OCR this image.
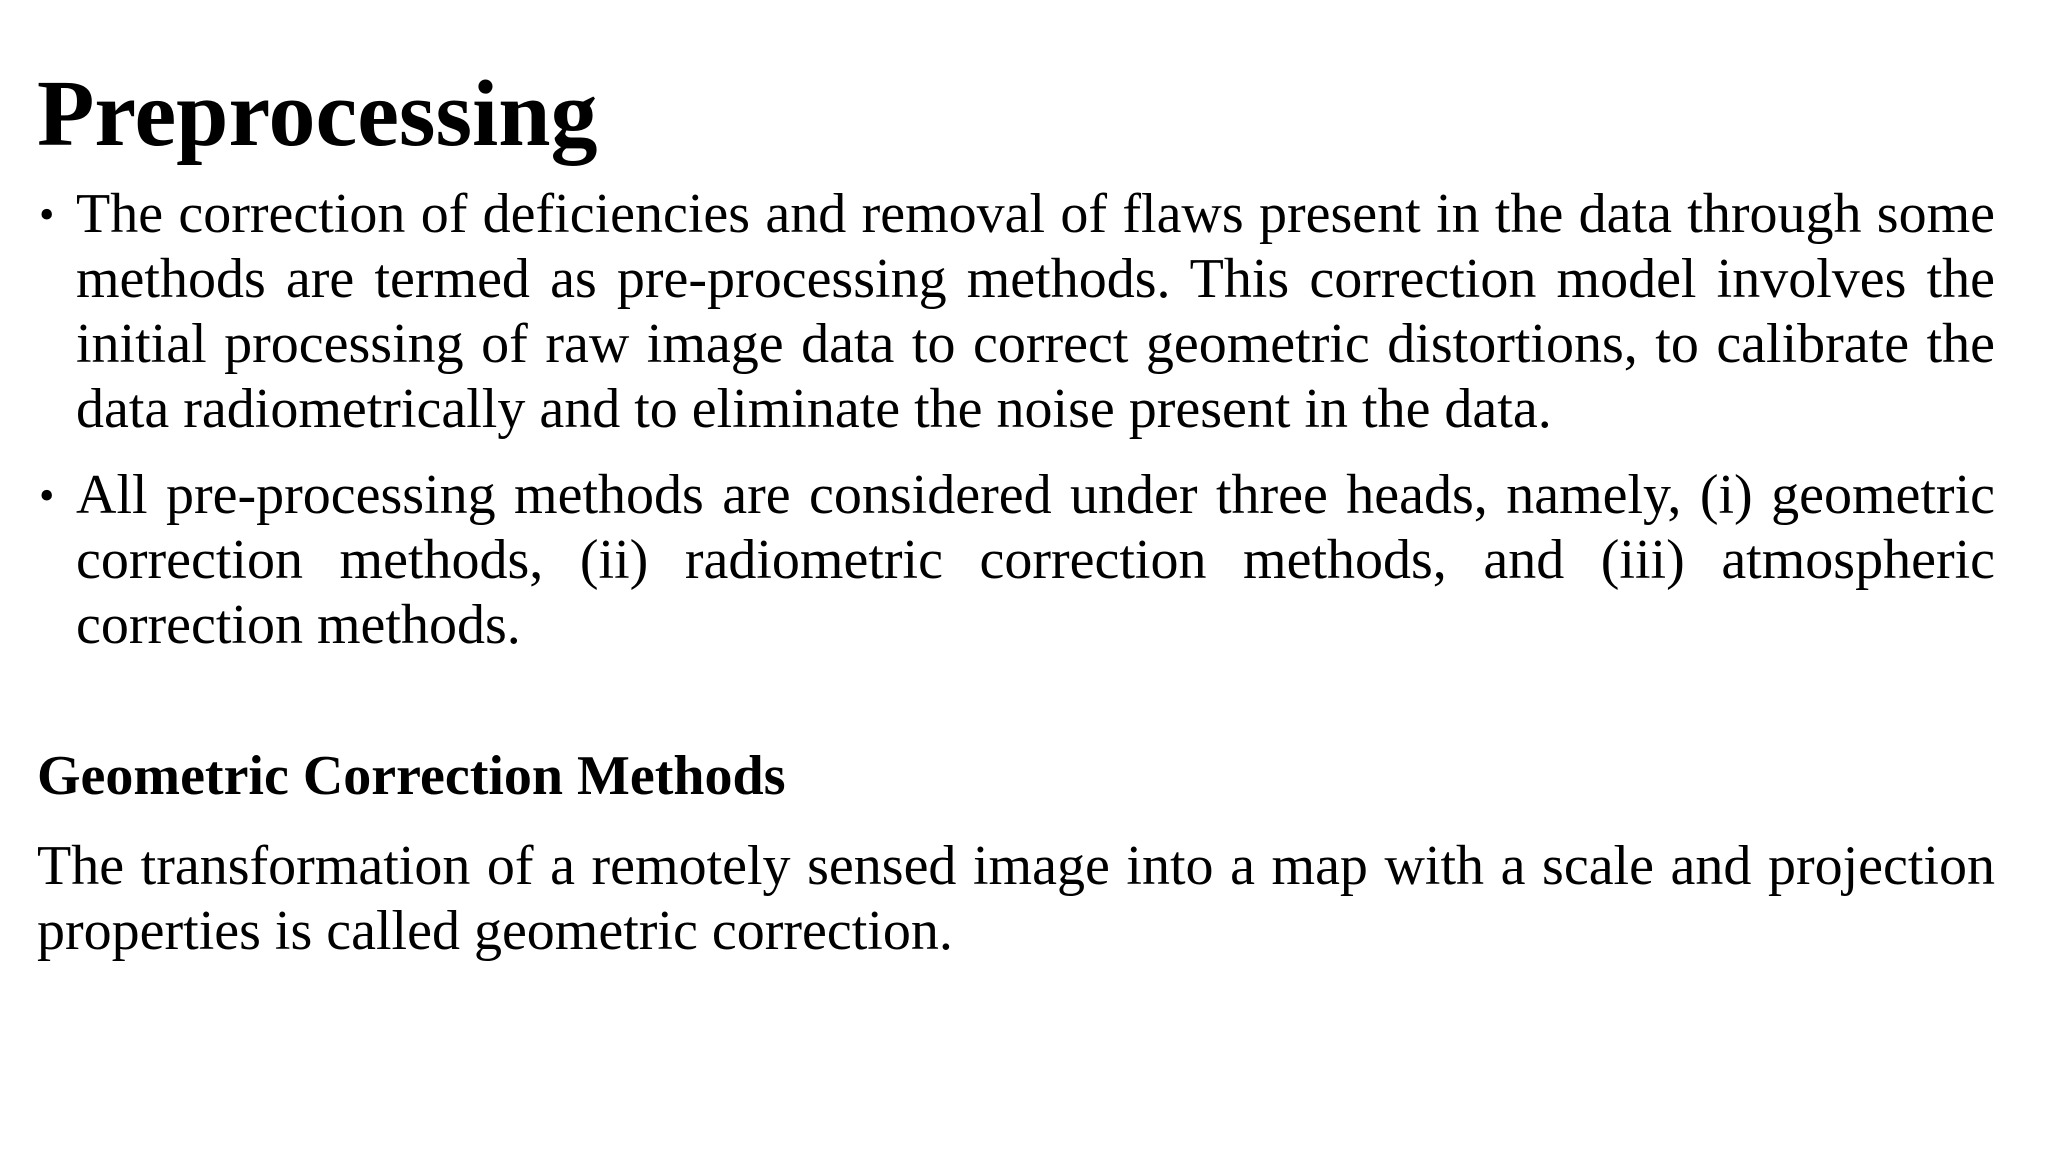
Preprocessing
• The correction of deficiencies and removal of flaws present in the data through some methods are termed as pre-processing methods. This correction model involves the initial processing of raw image data to correct geometric distortions, to calibrate the data radiometrically and to eliminate the noise present in the data.
• All pre-processing methods are considered under three heads, namely, (i) geometric correction methods, (ii) radiometric correction methods, and (iii) atmospheric correction methods.
Geometric Correction Methods

The transformation of a remotely sensed image into a map with a scale and projection properties is called geometric correction.
